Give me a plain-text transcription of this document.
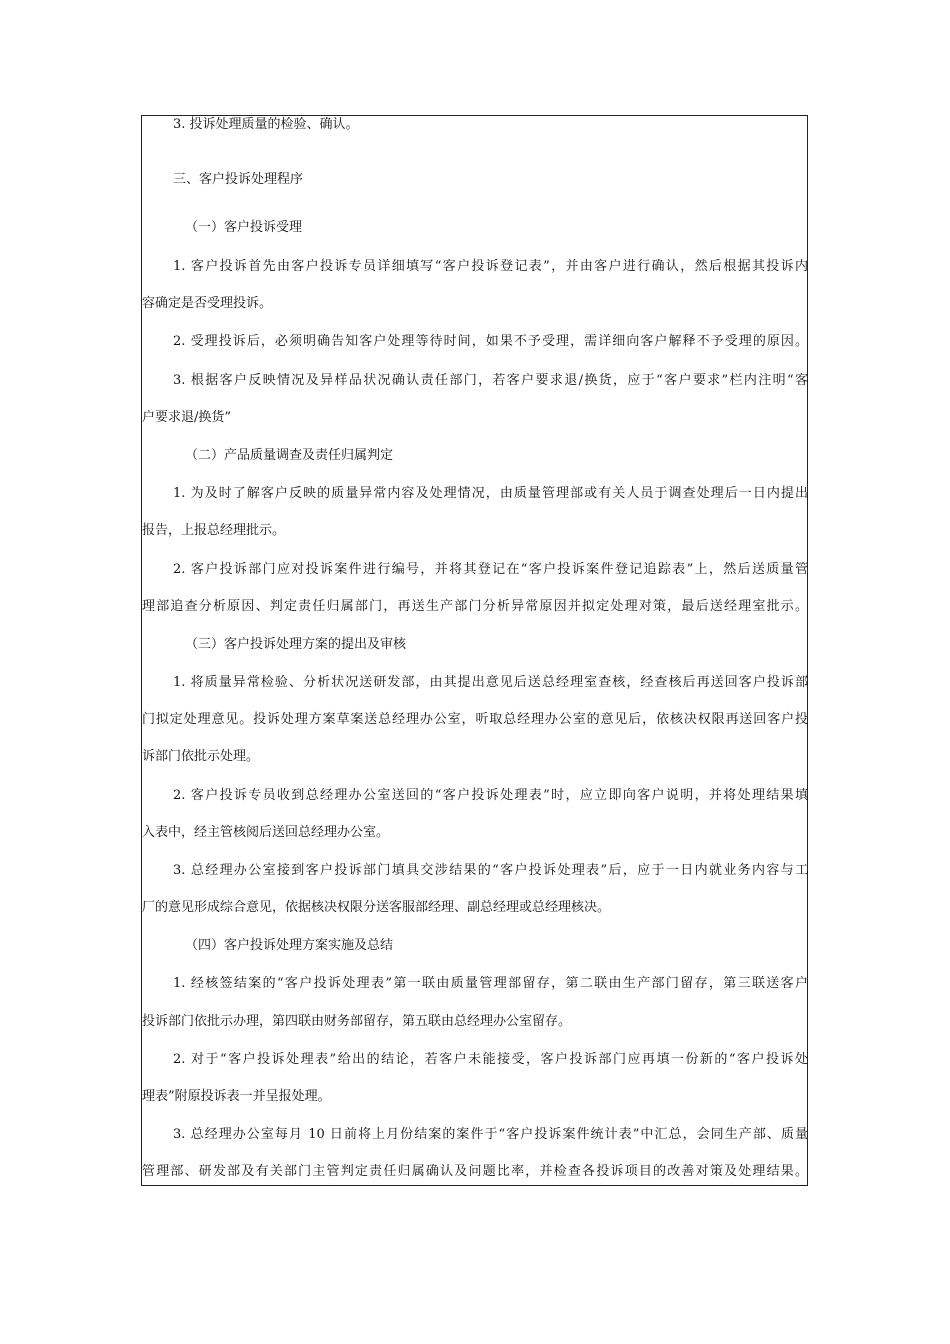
3. 投诉处理质量的检验、确认。
三、客户投诉处理程序
（一）客户投诉受理
1. 客户投诉首先由客户投诉专员详细填写“客户投诉登记表”，并由客户进行确认，然后根据其投诉内
容确定是否受理投诉。
2. 受理投诉后，必须明确告知客户处理等待时间，如果不予受理，需详细向客户解释不予受理的原因。
3. 根据客户反映情况及异样品状况确认责任部门，若客户要求退/换货，应于“客户要求”栏内注明“客
户要求退/换货”
（二）产品质量调查及责任归属判定
1. 为及时了解客户反映的质量异常内容及处理情况，由质量管理部或有关人员于调查处理后一日内提出
报告，上报总经理批示。
2. 客户投诉部门应对投诉案件进行编号，并将其登记在“客户投诉案件登记追踪表”上，然后送质量管
理部追查分析原因、判定责任归属部门，再送生产部门分析异常原因并拟定处理对策，最后送经理室批示。
（三）客户投诉处理方案的提出及审核
1. 将质量异常检验、分析状况送研发部，由其提出意见后送总经理室查核，经查核后再送回客户投诉部
门拟定处理意见。投诉处理方案草案送总经理办公室，听取总经理办公室的意见后，依核决权限再送回客户投
诉部门依批示处理。
2. 客户投诉专员收到总经理办公室送回的“客户投诉处理表”时，应立即向客户说明，并将处理结果填
入表中，经主管核阅后送回总经理办公室。
3. 总经理办公室接到客户投诉部门填具交涉结果的“客户投诉处理表”后，应于一日内就业务内容与工
厂的意见形成综合意见，依据核决权限分送客服部经理、副总经理或总经理核决。
（四）客户投诉处理方案实施及总结
1. 经核签结案的“客户投诉处理表”第一联由质量管理部留存，第二联由生产部门留存，第三联送客户
投诉部门依批示办理，第四联由财务部留存，第五联由总经理办公室留存。
2. 对于“客户投诉处理表”给出的结论，若客户未能接受，客户投诉部门应再填一份新的“客户投诉处
理表”附原投诉表一并呈报处理。
3. 总经理办公室每月 10 日前将上月份结案的案件于“客户投诉案件统计表”中汇总，会同生产部、质量
管理部、研发部及有关部门主管判定责任归属确认及问题比率，并检查各投诉项目的改善对策及处理结果。
